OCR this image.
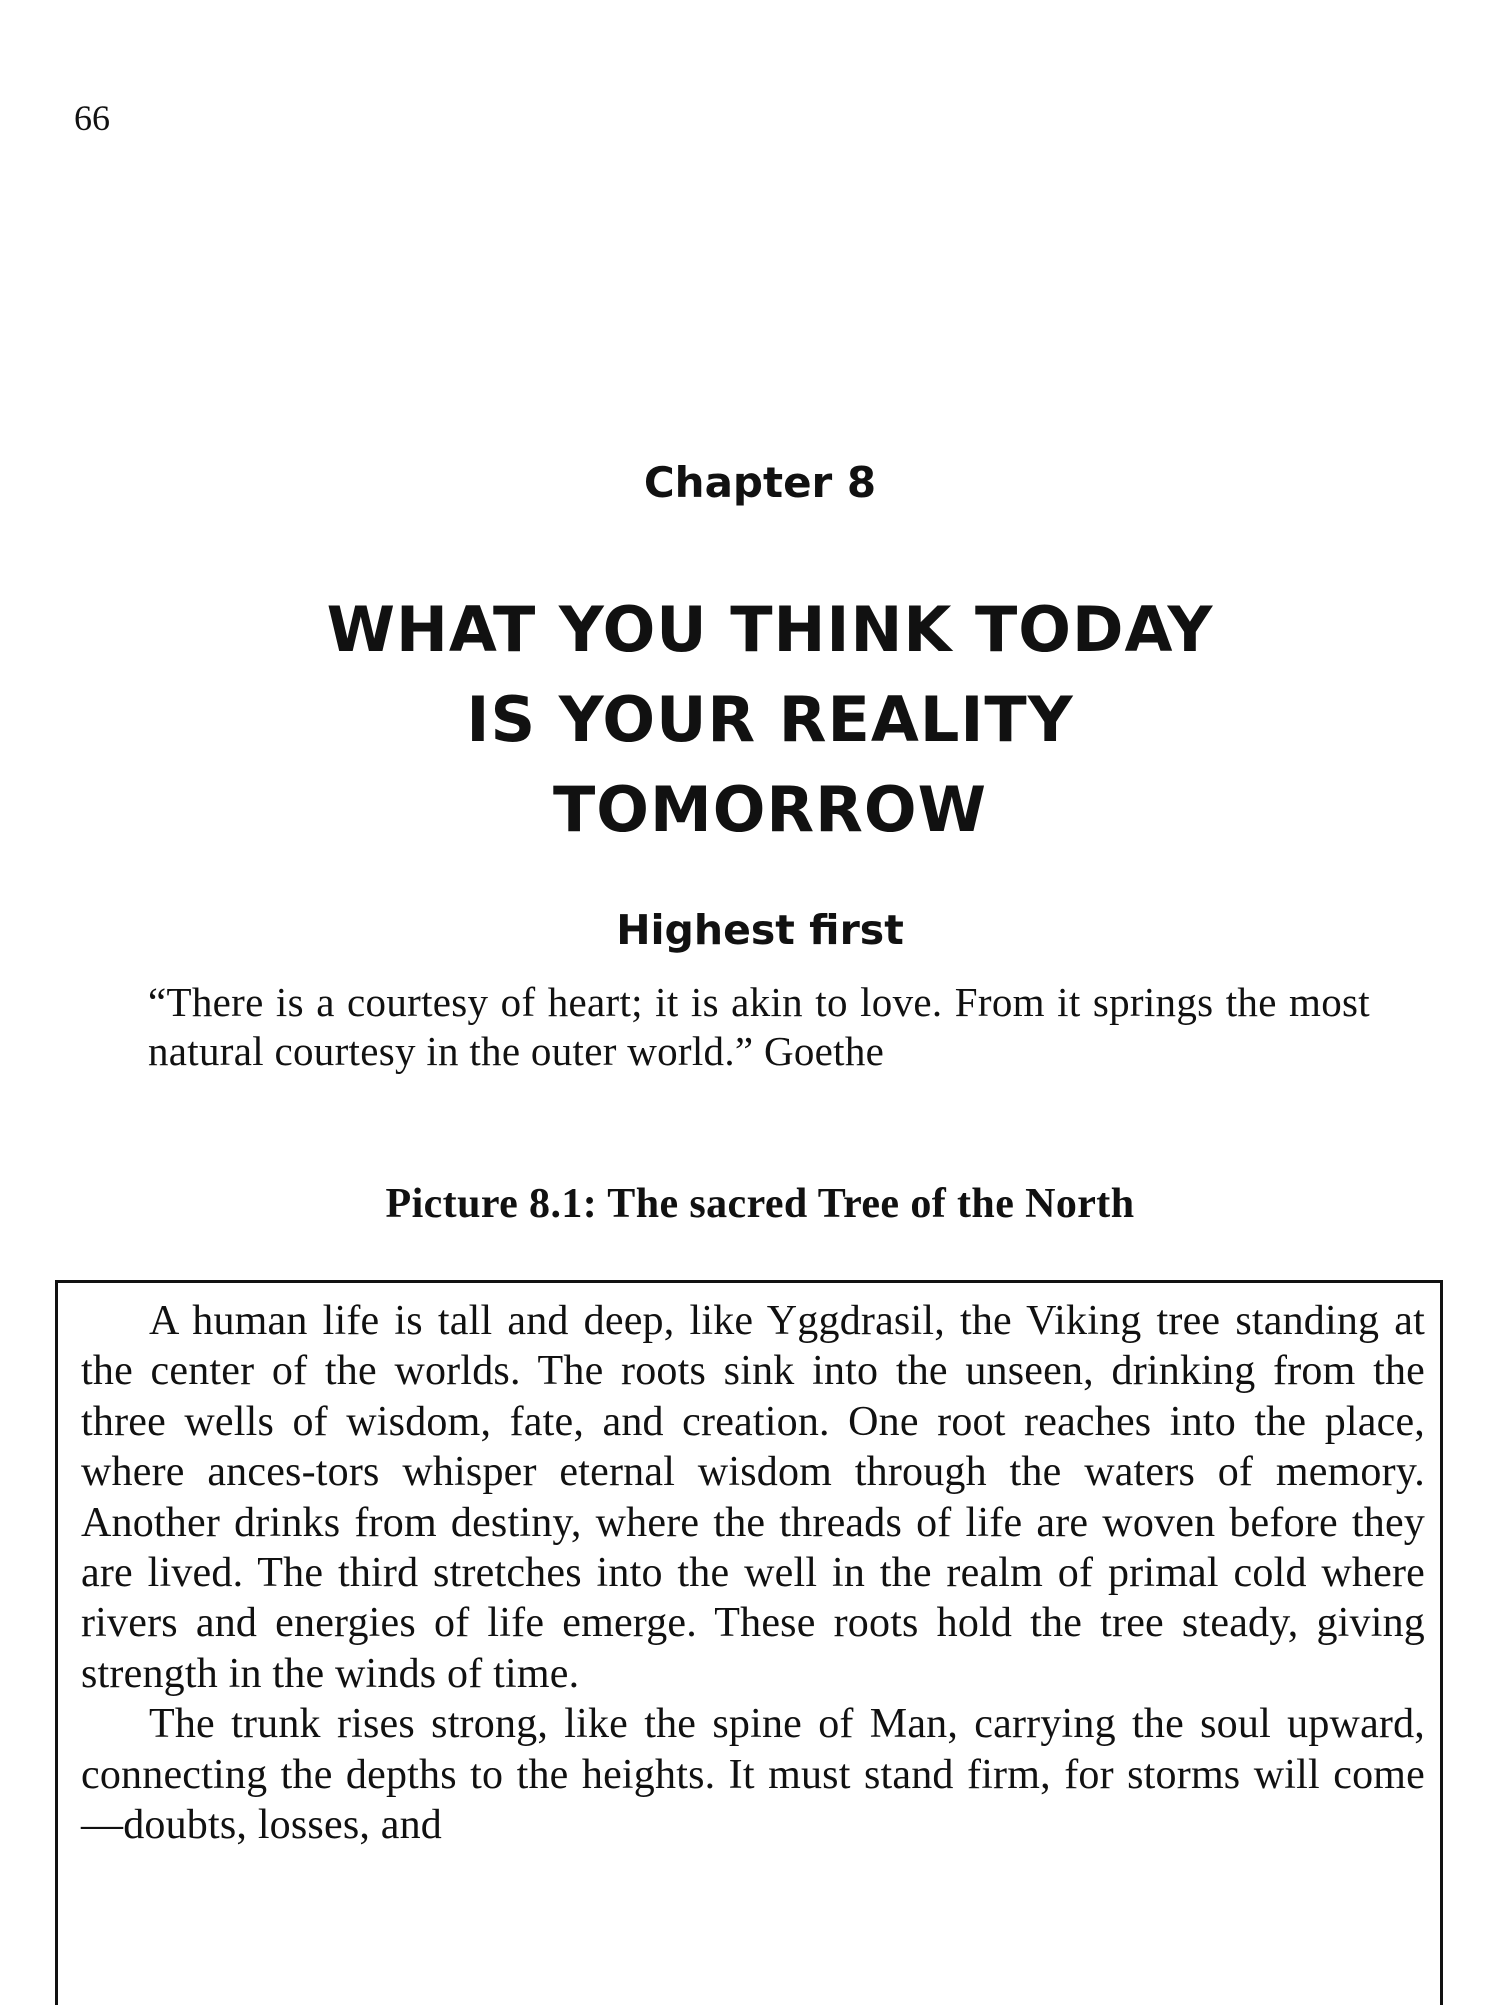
66
Chapter 8
WHAT YOU THINK TODAY
IS YOUR REALITY
TOMORROW
Highest first

“There is a courtesy of heart; it is akin to love. From it springs the most natural courtesy in the outer world.” Goethe

Picture 8.1: The sacred Tree of the North

A human life is tall and deep, like Yggdrasil, the Viking tree standing at the center of the worlds. The roots sink into the unseen, drinking from the three wells of wisdom, fate, and creation. One root reaches into the place, where ances-tors whisper eternal wisdom through the waters of memory. Another drinks from destiny, where the threads of life are woven before they are lived. The third stretches into the well in the realm of primal cold where rivers and energies of life emerge. These roots hold the tree steady, giving strength in the winds of time.

The trunk rises strong, like the spine of Man, carrying the soul upward, connecting the depths to the heights. It must stand firm, for storms will come—doubts, losses, and
